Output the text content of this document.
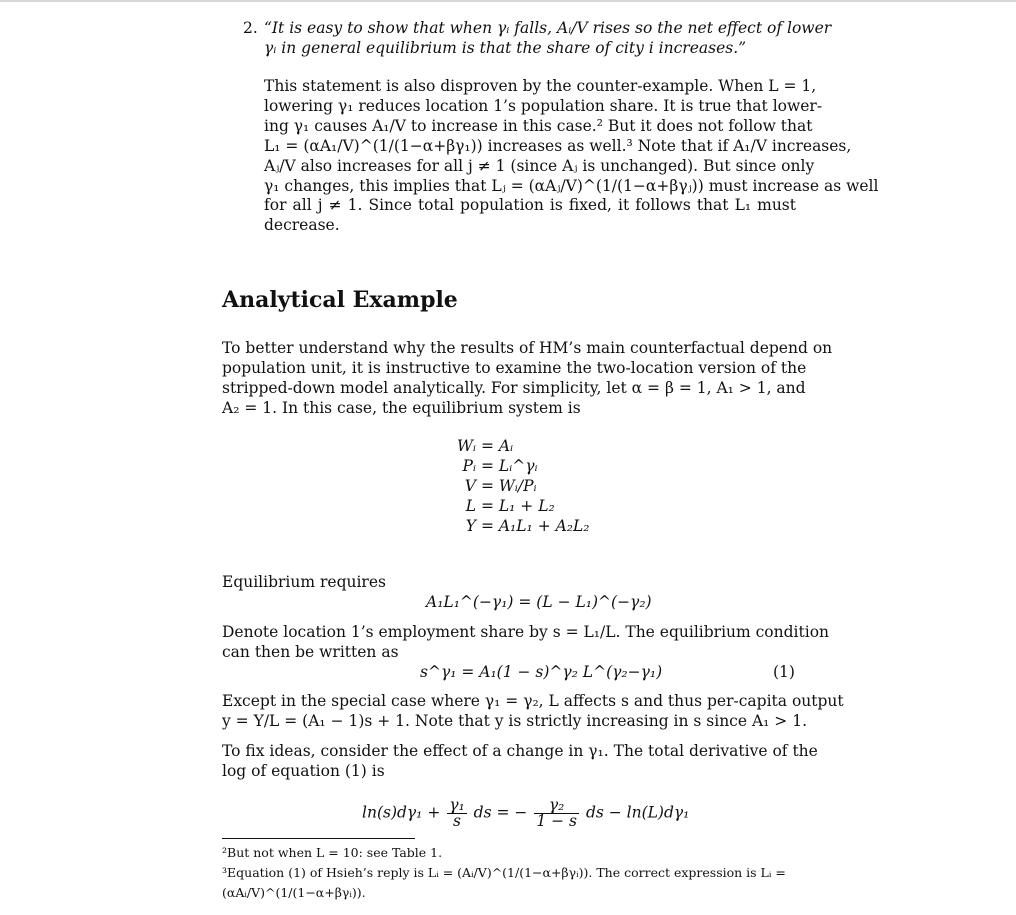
2. “It is easy to show that when γᵢ falls, Aᵢ/V rises so the net effect of lower
γᵢ in general equilibrium is that the share of city i increases.”
This statement is also disproven by the counter-example. When L = 1,
lowering γ₁ reduces location 1’s population share. It is true that lower-
ing γ₁ causes A₁/V to increase in this case.² But it does not follow that
L₁ = (αA₁/V)^(1/(1−α+βγ₁)) increases as well.³ Note that if A₁/V increases,
Aⱼ/V also increases for all j ≠ 1 (since Aⱼ is unchanged). But since only
γ₁ changes, this implies that Lⱼ = (αAⱼ/V)^(1/(1−α+βγⱼ)) must increase as well
for all j ≠ 1. Since total population is fixed, it follows that L₁ must
decrease.
Analytical Example
To better understand why the results of HM’s main counterfactual depend on
population unit, it is instructive to examine the two-location version of the
stripped-down model analytically. For simplicity, let α = β = 1, A₁ > 1, and
A₂ = 1. In this case, the equilibrium system is
Wᵢ = Aᵢ
Pᵢ = Lᵢ^γᵢ
V = Wᵢ/Pᵢ
L = L₁ + L₂
Y = A₁L₁ + A₂L₂
Equilibrium requires
A₁L₁^(−γ₁) = (L − L₁)^(−γ₂)
Denote location 1’s employment share by s = L₁/L. The equilibrium condition
can then be written as
s^γ₁ = A₁(1 − s)^γ₂ L^(γ₂−γ₁)	(1)
Except in the special case where γ₁ = γ₂, L affects s and thus per-capita output
y = Y/L = (A₁ − 1)s + 1. Note that y is strictly increasing in s since A₁ > 1.
To fix ideas, consider the effect of a change in γ₁. The total derivative of the
log of equation (1) is
$\ln(s)d\gamma_1 + \frac{\text{γ₁}}{s}$ ds = − $\frac{\text{γ₂}}{1 - s}$ ds − ln(L)dγ₁
²But not when L = 10: see Table 1.
³Equation (1) of Hsieh’s reply is Lᵢ = (Aᵢ/V)^(1/(1−α+βγᵢ)). The correct expression is Lᵢ =
(αAᵢ/V)^(1/(1−α+βγᵢ)).
